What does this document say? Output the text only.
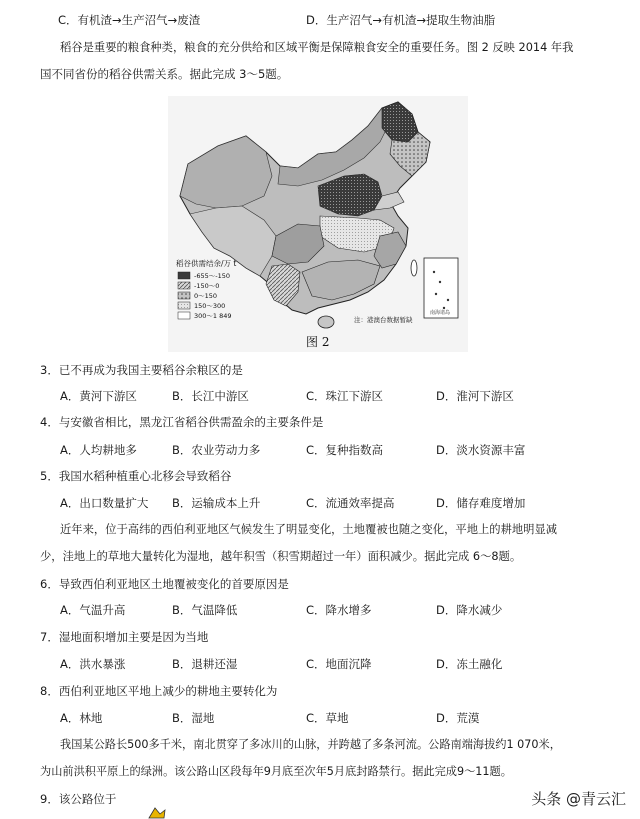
C．有机渣→生产沼气→废渣	D．生产沼气→有机渣→提取生物油脂
稻谷是重要的粮食种类，粮食的充分供给和区域平衡是保障粮食安全的重要任务。图 2 反映 2014 年我
国不同省份的稻谷供需关系。据此完成 3～5题。
南海诸岛
稻谷供需结余/万 t
-655～-150
-150～0
0～150
150～300
300～1 849	注：港澳台数据暂缺
图 2
3．已不再成为我国主要稻谷余粮区的是
A．黄河下游区	B．长江中游区	C．珠江下游区	D．淮河下游区
4．与安徽省相比，黑龙江省稻谷供需盈余的主要条件是
A．人均耕地多	B．农业劳动力多	C．复种指数高	D．淡水资源丰富
5．我国水稻种植重心北移会导致稻谷
A．出口数量扩大 B．运输成本上升	C．流通效率提高	D．储存难度增加
近年来，位于高纬的西伯利亚地区气候发生了明显变化，土地覆被也随之变化，平地上的耕地明显减
少，洼地上的草地大量转化为湿地，越年积雪（积雪期超过一年）面积减少。据此完成 6～8题。
6．导致西伯利亚地区土地覆被变化的首要原因是
A．气温升高	B．气温降低	C．降水增多	D．降水减少
7．湿地面积增加主要是因为当地
A．洪水暴涨	B．退耕还湿	C．地面沉降	D．冻土融化
8．西伯利亚地区平地上减少的耕地主要转化为
A．林地	B．湿地	C．草地	D．荒漠
我国某公路长500多千米，南北贯穿了多冰川的山脉，并跨越了多条河流。公路南端海拔约1 070米，
为山前洪积平原上的绿洲。该公路山区段每年9月底至次年5月底封路禁行。据此完成9～11题。
9．该公路位于	头条 @青云汇
